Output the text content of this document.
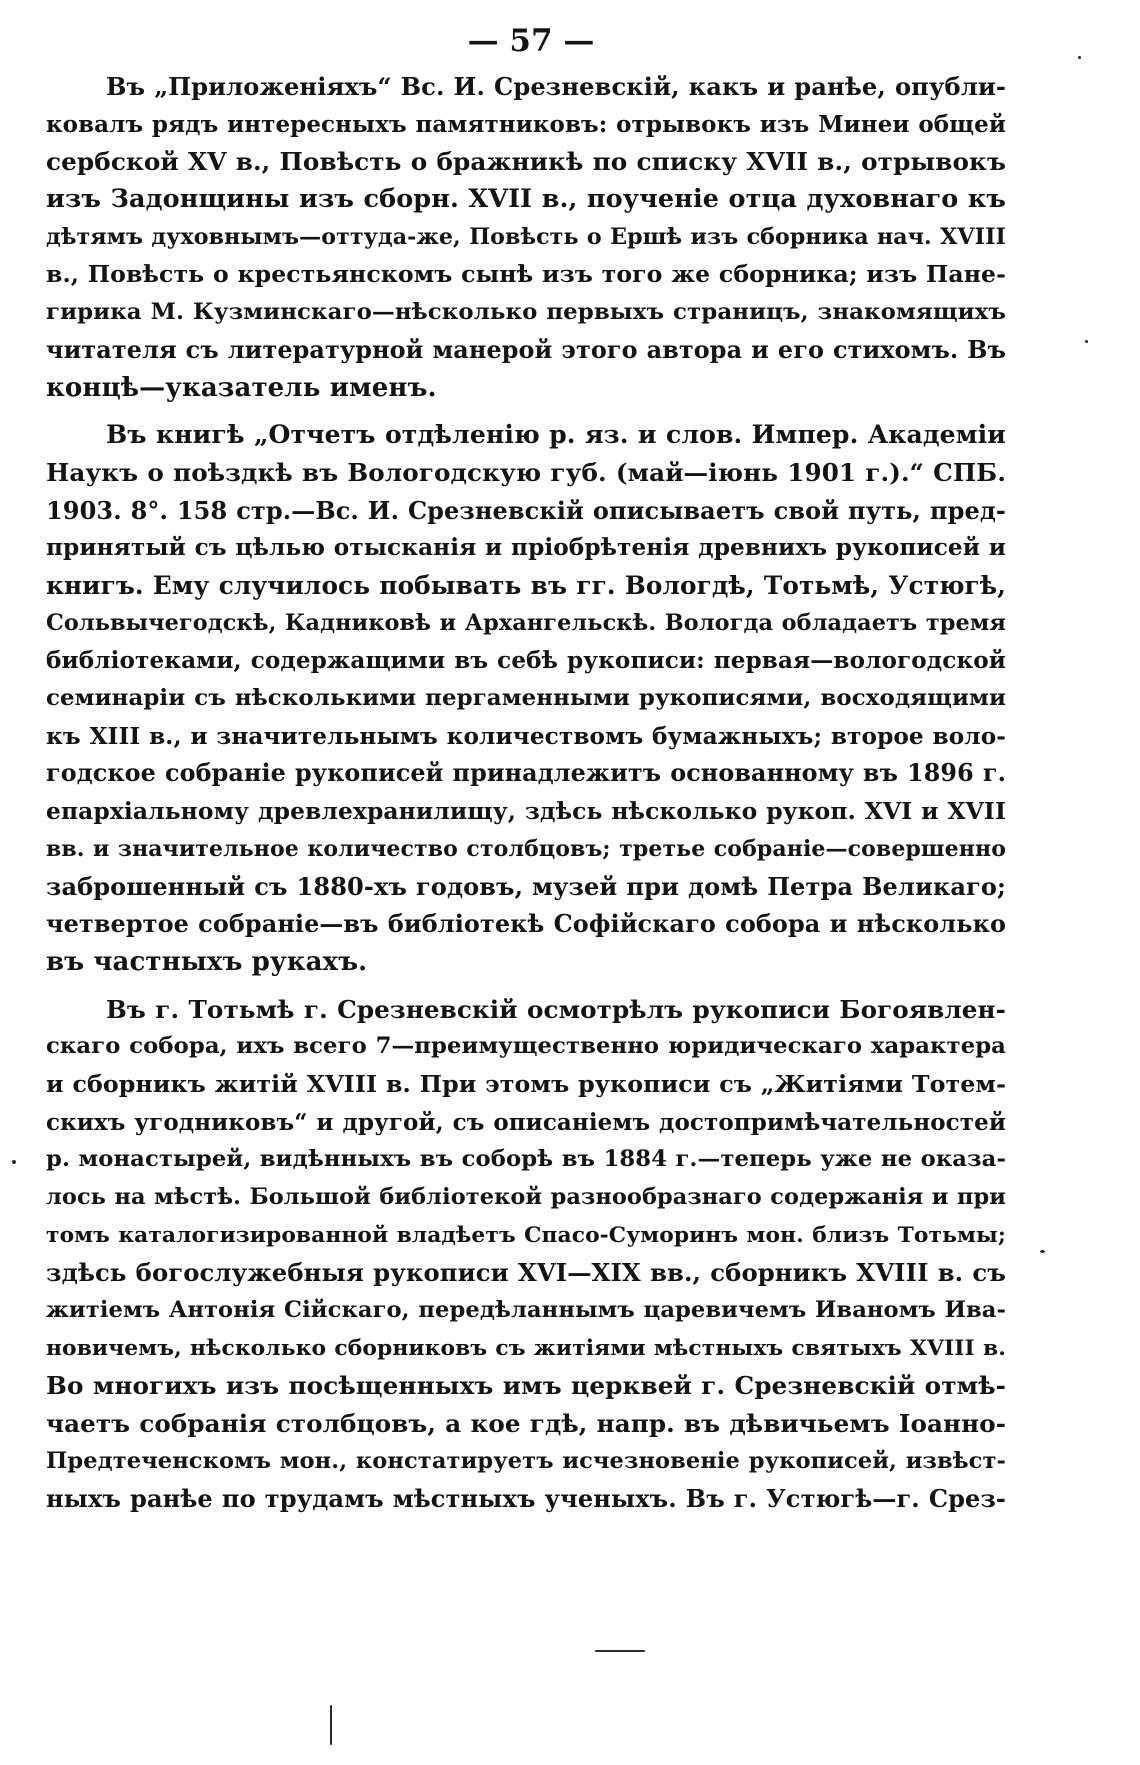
— 57 —
Въ „Приложеніяхъ“ Вс. И. Срезневскій, какъ и ранѣе, опубли-
ковалъ рядъ интересныхъ памятниковъ: отрывокъ изъ Минеи общей
сербской XV в., Повѣсть о бражникѣ по списку XVII в., отрывокъ
изъ Задонщины изъ сборн. XVII в., поученіе отца духовнаго къ
дѣтямъ духовнымъ—оттуда-же, Повѣсть о Ершѣ изъ сборника нач. XVIII
в., Повѣсть о крестьянскомъ сынѣ изъ того же сборника; изъ Пане-
гирика М. Кузминскаго—нѣсколько первыхъ страницъ, знакомящихъ
читателя съ литературной манерой этого автора и его стихомъ. Въ
концѣ—указатель именъ.
Въ книгѣ „Отчетъ отдѣленію р. яз. и слов. Импер. Академіи
Наукъ о поѣздкѣ въ Вологодскую губ. (май—іюнь 1901 г.).“ СПБ.
1903. 8°. 158 стр.—Вс. И. Срезневскій описываетъ свой путь, пред-
принятый съ цѣлью отысканія и пріобрѣтенія древнихъ рукописей и
книгъ. Ему случилось побывать въ гг. Вологдѣ, Тотьмѣ, Устюгѣ,
Сольвычегодскѣ, Кадниковѣ и Архангельскѣ. Вологда обладаетъ тремя
библіотеками, содержащими въ себѣ рукописи: первая—вологодской
семинаріи съ нѣсколькими пергаменными рукописями, восходящими
къ XIII в., и значительнымъ количествомъ бумажныхъ; второе воло-
годское собраніе рукописей принадлежитъ основанному въ 1896 г.
епархіальному древлехранилищу, здѣсь нѣсколько рукоп. XVI и XVII
вв. и значительное количество столбцовъ; третье собраніе—совершенно
заброшенный съ 1880-хъ годовъ, музей при домѣ Петра Великаго;
четвертое собраніе—въ библіотекѣ Софійскаго собора и нѣсколько
въ частныхъ рукахъ.
Въ г. Тотьмѣ г. Срезневскій осмотрѣлъ рукописи Богоявлен-
скаго собора, ихъ всего 7—преимущественно юридическаго характера
и сборникъ житій XVIII в. При этомъ рукописи съ „Житіями Тотем-
скихъ угодниковъ“ и другой, съ описаніемъ достопримѣчательностей
р. монастырей, видѣнныхъ въ соборѣ въ 1884 г.—теперь уже не оказа-
лось на мѣстѣ. Большой библіотекой разнообразнаго содержанія и при
томъ каталогизированной владѣетъ Спасо-Суморинъ мон. близъ Тотьмы;
здѣсь богослужебныя рукописи XVI—XIX вв., сборникъ XVIII в. съ
житіемъ Антонія Сійскаго, передѣланнымъ царевичемъ Иваномъ Ива-
новичемъ, нѣсколько сборниковъ съ житіями мѣстныхъ святыхъ XVIII в.
Во многихъ изъ посѣщенныхъ имъ церквей г. Срезневскій отмѣ-
чаетъ собранія столбцовъ, а кое гдѣ, напр. въ дѣвичьемъ Іоанно-
Предтеченскомъ мон., констатируетъ исчезновеніе рукописей, извѣст-
ныхъ ранѣе по трудамъ мѣстныхъ ученыхъ. Въ г. Устюгѣ—г. Срез-
